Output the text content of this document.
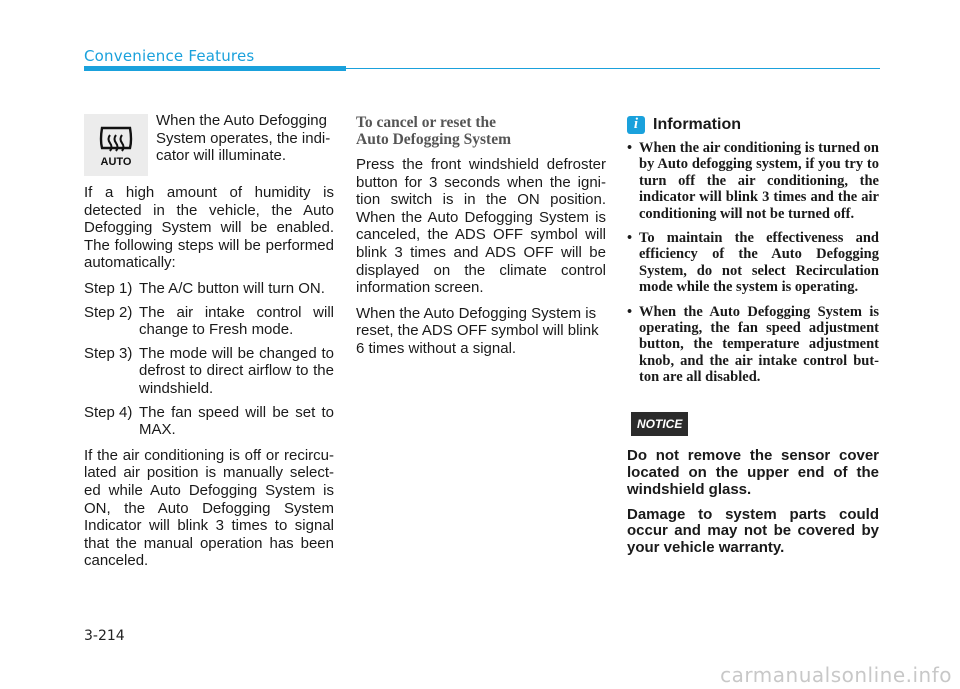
Convenience Features
AUTO
When the Auto Defogging System operates, the indi-cator will illuminate.

If a high amount of humidity is detected in the vehicle, the Auto Defogging System will be enabled. The following steps will be performed automatically:

Step 1) The A/C button will turn ON.
Step 2) The air intake control will change to Fresh mode.
Step 3) The mode will be changed to defrost to direct airflow to the windshield.
Step 4) The fan speed will be set to MAX.

If the air conditioning is off or recircu-lated air position is manually select-ed while Auto Defogging System is ON, the Auto Defogging System Indicator will blink 3 times to signal that the manual operation has been canceled.

To cancel or reset the
Auto Defogging System

Press the front windshield defroster button for 3 seconds when the igni-tion switch is in the ON position. When the Auto Defogging System is canceled, the ADS OFF symbol will blink 3 times and ADS OFF will be displayed on the climate control information screen.

When the Auto Defogging System is reset, the ADS OFF symbol will blink 6 times without a signal.

i Information
• When the air conditioning is turned on by Auto defogging system, if you try to turn off the air conditioning, the indicator will blink 3 times and the air conditioning will not be turned off.
• To maintain the effectiveness and efficiency of the Auto Defogging System, do not select Recirculation mode while the system is operating.
• When the Auto Defogging System is operating, the fan speed adjustment button, the temperature adjustment knob, and the air intake control but-ton are all disabled.
NOTICE

Do not remove the sensor cover located on the upper end of the windshield glass.

Damage to system parts could occur and may not be covered by your vehicle warranty.

3-214
carmanualsonline.info
